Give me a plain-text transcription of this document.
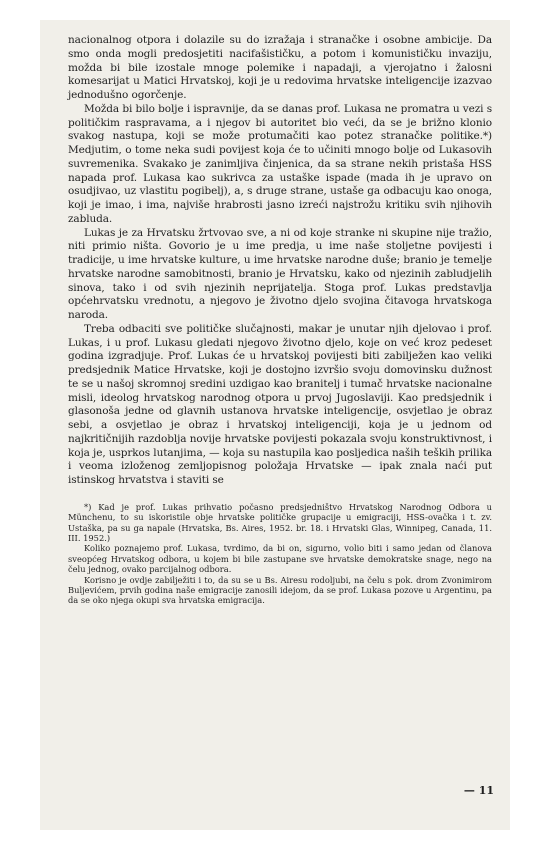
nacionalnog otpora i dolazile su do izražaja i stranačke i osobne ambicije. Da smo onda mogli predosjetiti nacifašističku, a potom i komunističku invaziju, možda bi bile izostale mnoge polemike i napadaji, a vjerojatno i žalosni komesarijat u Matici Hrvatskoj, koji je u redovima hrvatske inteligencije izazvao jednodušno ogorčenje.

Možda bi bilo bolje i ispravnije, da se danas prof. Lukasa ne promatra u vezi s političkim raspravama, a i njegov bi autoritet bio veći, da se je brižno klonio svakog nastupa, koji se može protumačiti kao potez stranačke politike.*) Medjutim, o tome neka sudi povijest koja će to učiniti mnogo bolje od Lukasovih suvremenika. Svakako je zanimljiva činjenica, da sa strane nekih pristaša HSS napada prof. Lukasa kao sukrivca za ustaške ispade (mada ih je upravo on osudjivao, uz vlastitu pogibelj), a, s druge strane, ustaše ga odbacuju kao onoga, koji je imao, i ima, najviše hrabrosti jasno izreći najstrožu kritiku svih njihovih zabluda.

Lukas je za Hrvatsku žrtvovao sve, a ni od koje stranke ni skupine nije tražio, niti primio ništa. Govorio je u ime predja, u ime naše stoljetne povijesti i tradicije, u ime hrvatske kulture, u ime hrvatske narodne duše; branio je temelje hrvatske narodne samobitnosti, branio je Hrvatsku, kako od njezinih zabludjelih sinova, tako i od svih njezinih neprijatelja. Stoga prof. Lukas predstavlja općehrvatsku vrednotu, a njegovo je životno djelo svojina čitavoga hrvatskoga naroda.

Treba odbaciti sve političke slučajnosti, makar je unutar njih djelovao i prof. Lukas, i u prof. Lukasu gledati njegovo životno djelo, koje on već kroz pedeset godina izgradjuje. Prof. Lukas će u hrvatskoj povijesti biti zabilježen kao veliki predsjednik Matice Hrvatske, koji je dostojno izvršio svoju domovinsku dužnost te se u našoj skromnoj sredini uzdigao kao branitelj i tumač hrvatske nacionalne misli, ideolog hrvatskog narodnog otpora u prvoj Jugoslaviji. Kao predsjednik i glasonoša jedne od glavnih ustanova hrvatske inteligencije, osvjetlao je obraz sebi, a osvjetlao je obraz i hrvatskoj inteligenciji, koja je u jednom od najkritičnijih razdoblja novije hrvatske povijesti pokazala svoju konstruktivnost, i koja je, usprkos lutanjima, — koja su nastupila kao posljedica naših teških prilika i veoma izloženog zemljopisnog položaja Hrvatske — ipak znala naći put istinskog hrvatstva i staviti se

*) Kad je prof. Lukas prihvatio počasno predsjedništvo Hrvatskog Narodnog Odbora u Münchenu, to su iskoristile obje hrvatske političke grupacije u emigraciji, HSS-ovačka i t. zv. Ustaška, pa su ga napale (Hrvatska, Bs. Aires, 1952. br. 18. i Hrvatski Glas, Winnipeg, Canada, 11. III. 1952.)

Koliko poznajemo prof. Lukasa, tvrdimo, da bi on, sigurno, volio biti i samo jedan od članova sveopćeg Hrvatskog odbora, u kojem bi bile zastupane sve hrvatske demokratske snage, nego na čelu jednog, ovako parcijalnog odbora.

Korisno je ovdje zabilježiti i to, da su se u Bs. Airesu rodoljubi, na čelu s pok. drom Zvonimirom Buljevićem, prvih godina naše emigracije zanosili idejom, da se prof. Lukasa pozove u Argentinu, pa da se oko njega okupi sva hrvatska emigracija.

— 11
